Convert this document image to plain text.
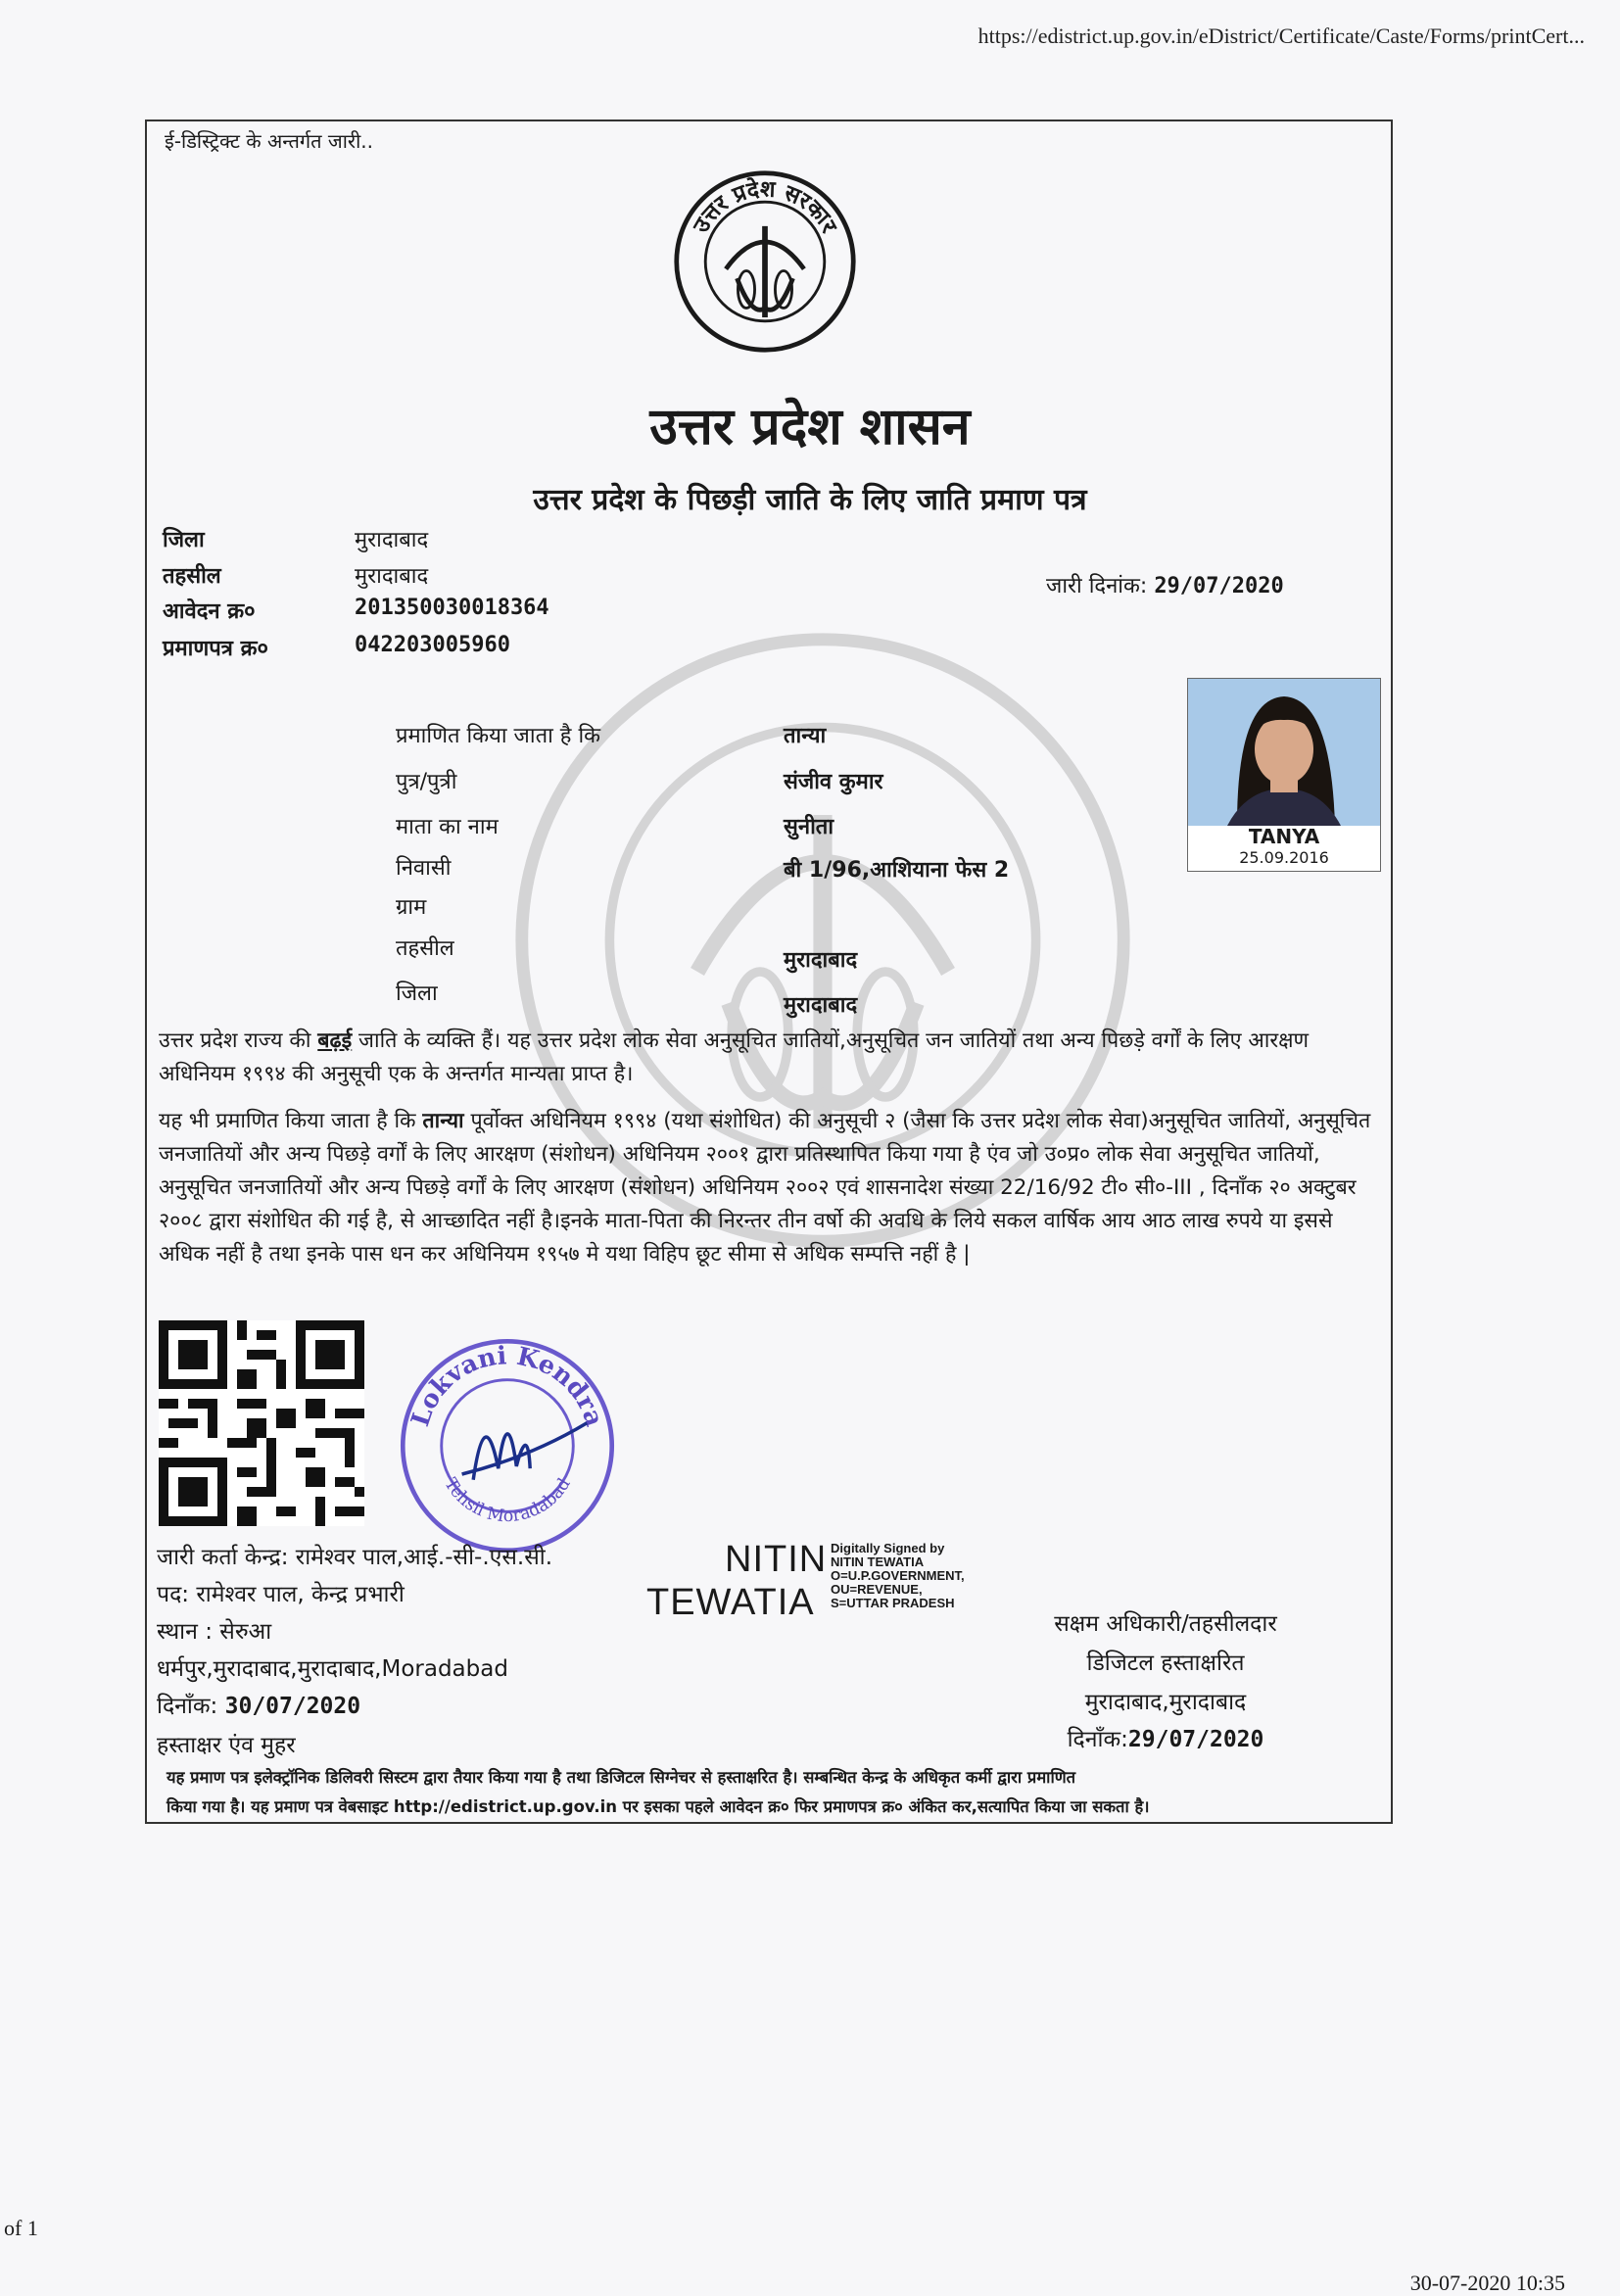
https://edistrict.up.gov.in/eDistrict/Certificate/Caste/Forms/printCert...
of 1
30-07-2020 10:35
ई-डिस्ट्रिक्ट के अन्तर्गत जारी..
उत्तर प्रदेश सरकार
उत्तर प्रदेश शासन
उत्तर प्रदेश के पिछड़ी जाति के लिए जाति प्रमाण पत्र
जिला	मुरादाबाद
तहसील	मुरादाबाद
आवेदन क्र०	201350030018364
प्रमाणपत्र क्र०	042203005960
जारी दिनांक: 29/07/2020
TANYA
25.09.2016
प्रमाणित किया जाता है कि	तान्या
पुत्र/पुत्री	संजीव कुमार
माता का नाम	सुनीता
निवासी	बी 1/96,आशियाना फेस 2
ग्राम
तहसील	मुरादाबाद
जिला	मुरादाबाद
उत्तर प्रदेश राज्य की बढ़ई जाति के व्यक्ति हैं। यह उत्तर प्रदेश लोक सेवा अनुसूचित जातियों,अनुसूचित जन जातियों तथा अन्य पिछड़े वर्गों के लिए आरक्षण अधिनियम १९९४ की अनुसूची एक के अन्तर्गत मान्यता प्राप्त है।
यह भी प्रमाणित किया जाता है कि तान्या पूर्वोक्त अधिनियम १९९४ (यथा संशोधित) की अनुसूची २ (जैसा कि उत्तर प्रदेश लोक सेवा)अनुसूचित जातियों, अनुसूचित जनजातियों और अन्य पिछड़े वर्गों के लिए आरक्षण (संशोधन) अधिनियम २००१ द्वारा प्रतिस्थापित किया गया है एंव जो उ०प्र० लोक सेवा अनुसूचित जातियों, अनुसूचित जनजातियों और अन्य पिछड़े वर्गों के लिए आरक्षण (संशोधन) अधिनियम २००२ एवं शासनादेश संख्या 22/16/92 टी० सी०-III , दिनाँक २० अक्टुबर २००८ द्वारा संशोधित की गई है, से आच्छादित नहीं है।इनके माता-पिता की निरन्तर तीन वर्षो की अवधि के लिये सकल वार्षिक आय आठ लाख रुपये या इससे अधिक नहीं है तथा इनके पास धन कर अधिनियम १९५७ मे यथा विहिप छूट सीमा से अधिक सम्पत्ति नहीं है |
Lokvani Kendra
Tehsil Moradabad
जारी कर्ता केन्द्र: रामेश्वर पाल,आई.-सी-.एस.सी.
पद: रामेश्वर पाल, केन्द्र प्रभारी
स्थान : सेरुआ
धर्मपुर,मुरादाबाद,मुरादाबाद,Moradabad
दिनाँक: 30/07/2020
हस्ताक्षर एंव मुहर
NITIN
TEWATIA
Digitally Signed by
NITIN TEWATIA
O=U.P.GOVERNMENT,
OU=REVENUE,
S=UTTAR PRADESH
सक्षम अधिकारी/तहसीलदार
डिजिटल हस्ताक्षरित
मुरादाबाद,मुरादाबाद
दिनाँक:29/07/2020
यह प्रमाण पत्र इलेक्ट्रॉनिक डिलिवरी सिस्टम द्वारा तैयार किया गया है तथा डिजिटल सिग्नेचर से हस्ताक्षरित है। सम्बन्धित केन्द्र के अधिकृत कर्मी द्वारा प्रमाणित
किया गया है। यह प्रमाण पत्र वेबसाइट http://edistrict.up.gov.in पर इसका पहले आवेदन क्र० फिर प्रमाणपत्र क्र० अंकित कर,सत्यापित किया जा सकता है।
